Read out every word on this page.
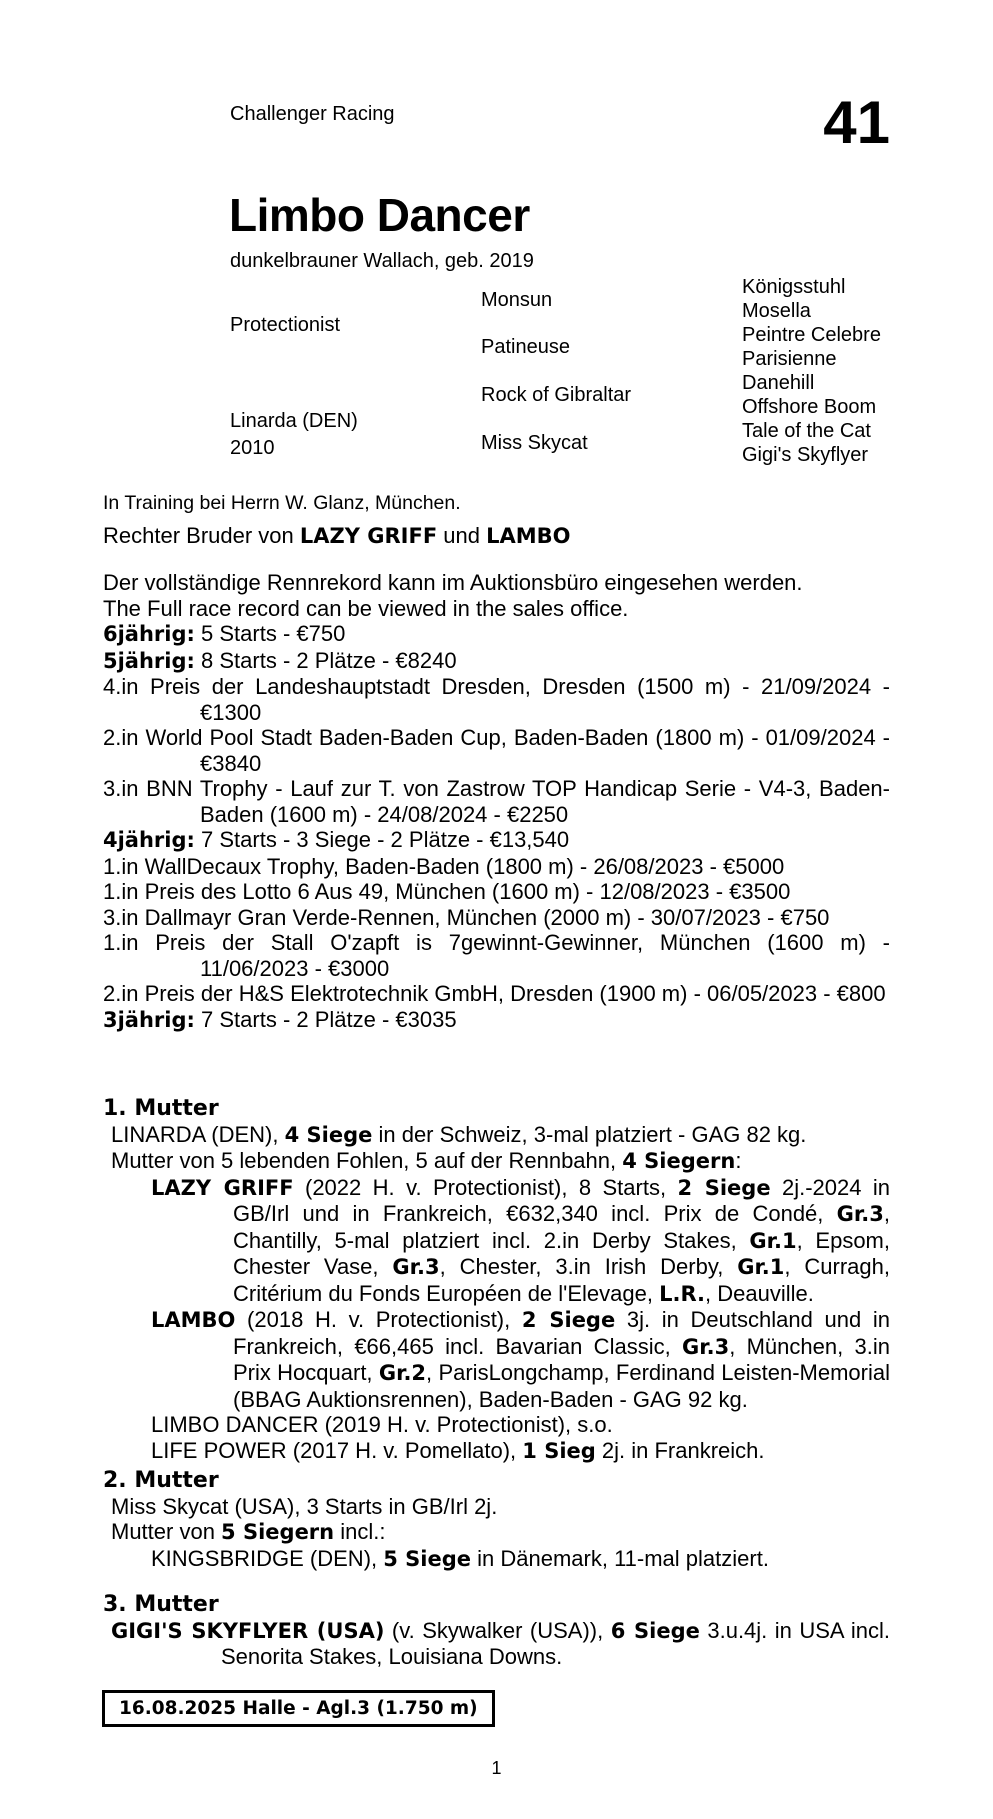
Challenger Racing	41
Limbo Dancer
dunkelbrauner Wallach, geb. 2019
Protectionist
Linarda (DEN)
2010
Monsun
Patineuse
Rock of Gibraltar
Miss Skycat
Königsstuhl
Mosella
Peintre Celebre
Parisienne
Danehill
Offshore Boom
Tale of the Cat
Gigi's Skyflyer
In Training bei Herrn W. Glanz, München.
Rechter Bruder von LAZY GRIFF und LAMBO

Der vollständige Rennrekord kann im Auktionsbüro eingesehen werden.

The Full race record can be viewed in the sales office.

6jährig: 5 Starts - €750

5jährig: 8 Starts - 2 Plätze - €8240

4.in Preis der Landeshauptstadt Dresden, Dresden (1500 m) - 21/09/2024 - €1300

2.in World Pool Stadt Baden-Baden Cup, Baden-Baden (1800 m) - 01/09/2024 - €3840

3.in BNN Trophy - Lauf zur T. von Zastrow TOP Handicap Serie - V4-3, Baden-Baden (1600 m) - 24/08/2024 - €2250

4jährig: 7 Starts - 3 Siege - 2 Plätze - €13,540

1.in WallDecaux Trophy, Baden-Baden (1800 m) - 26/08/2023 - €5000

1.in Preis des Lotto 6 Aus 49, München (1600 m) - 12/08/2023 - €3500

3.in Dallmayr Gran Verde-Rennen, München (2000 m) - 30/07/2023 - €750

1.in Preis der Stall O'zapft is 7gewinnt-Gewinner, München (1600 m) - 11/06/2023 - €3000

2.in Preis der H&S Elektrotechnik GmbH, Dresden (1900 m) - 06/05/2023 - €800

3jährig: 7 Starts - 2 Plätze - €3035

1. Mutter

LINARDA (DEN), 4 Siege in der Schweiz, 3-mal platziert - GAG 82 kg.

Mutter von 5 lebenden Fohlen, 5 auf der Rennbahn, 4 Siegern:

LAZY GRIFF (2022 H. v. Protectionist), 8 Starts, 2 Siege 2j.-2024 in GB/Irl und in Frankreich, €632,340 incl. Prix de Condé, Gr.3, Chantilly, 5-mal platziert incl. 2.in Derby Stakes, Gr.1, Epsom, Chester Vase, Gr.3, Chester, 3.in Irish Derby, Gr.1, Curragh, Critérium du Fonds Européen de l'Elevage, L.R., Deauville.

LAMBO (2018 H. v. Protectionist), 2 Siege 3j. in Deutschland und in Frankreich, €66,465 incl. Bavarian Classic, Gr.3, München, 3.in Prix Hocquart, Gr.2, ParisLongchamp, Ferdinand Leisten-Memorial (BBAG Auktionsrennen), Baden-Baden - GAG 92 kg.

LIMBO DANCER (2019 H. v. Protectionist), s.o.

LIFE POWER (2017 H. v. Pomellato), 1 Sieg 2j. in Frankreich.

2. Mutter

Miss Skycat (USA), 3 Starts in GB/Irl 2j.

Mutter von 5 Siegern incl.:

KINGSBRIDGE (DEN), 5 Siege in Dänemark, 11-mal platziert.

3. Mutter

GIGI'S SKYFLYER (USA) (v. Skywalker (USA)), 6 Siege 3.u.4j. in USA incl. Senorita Stakes, Louisiana Downs.

16.08.2025 Halle - Agl.3 (1.750 m)
1
